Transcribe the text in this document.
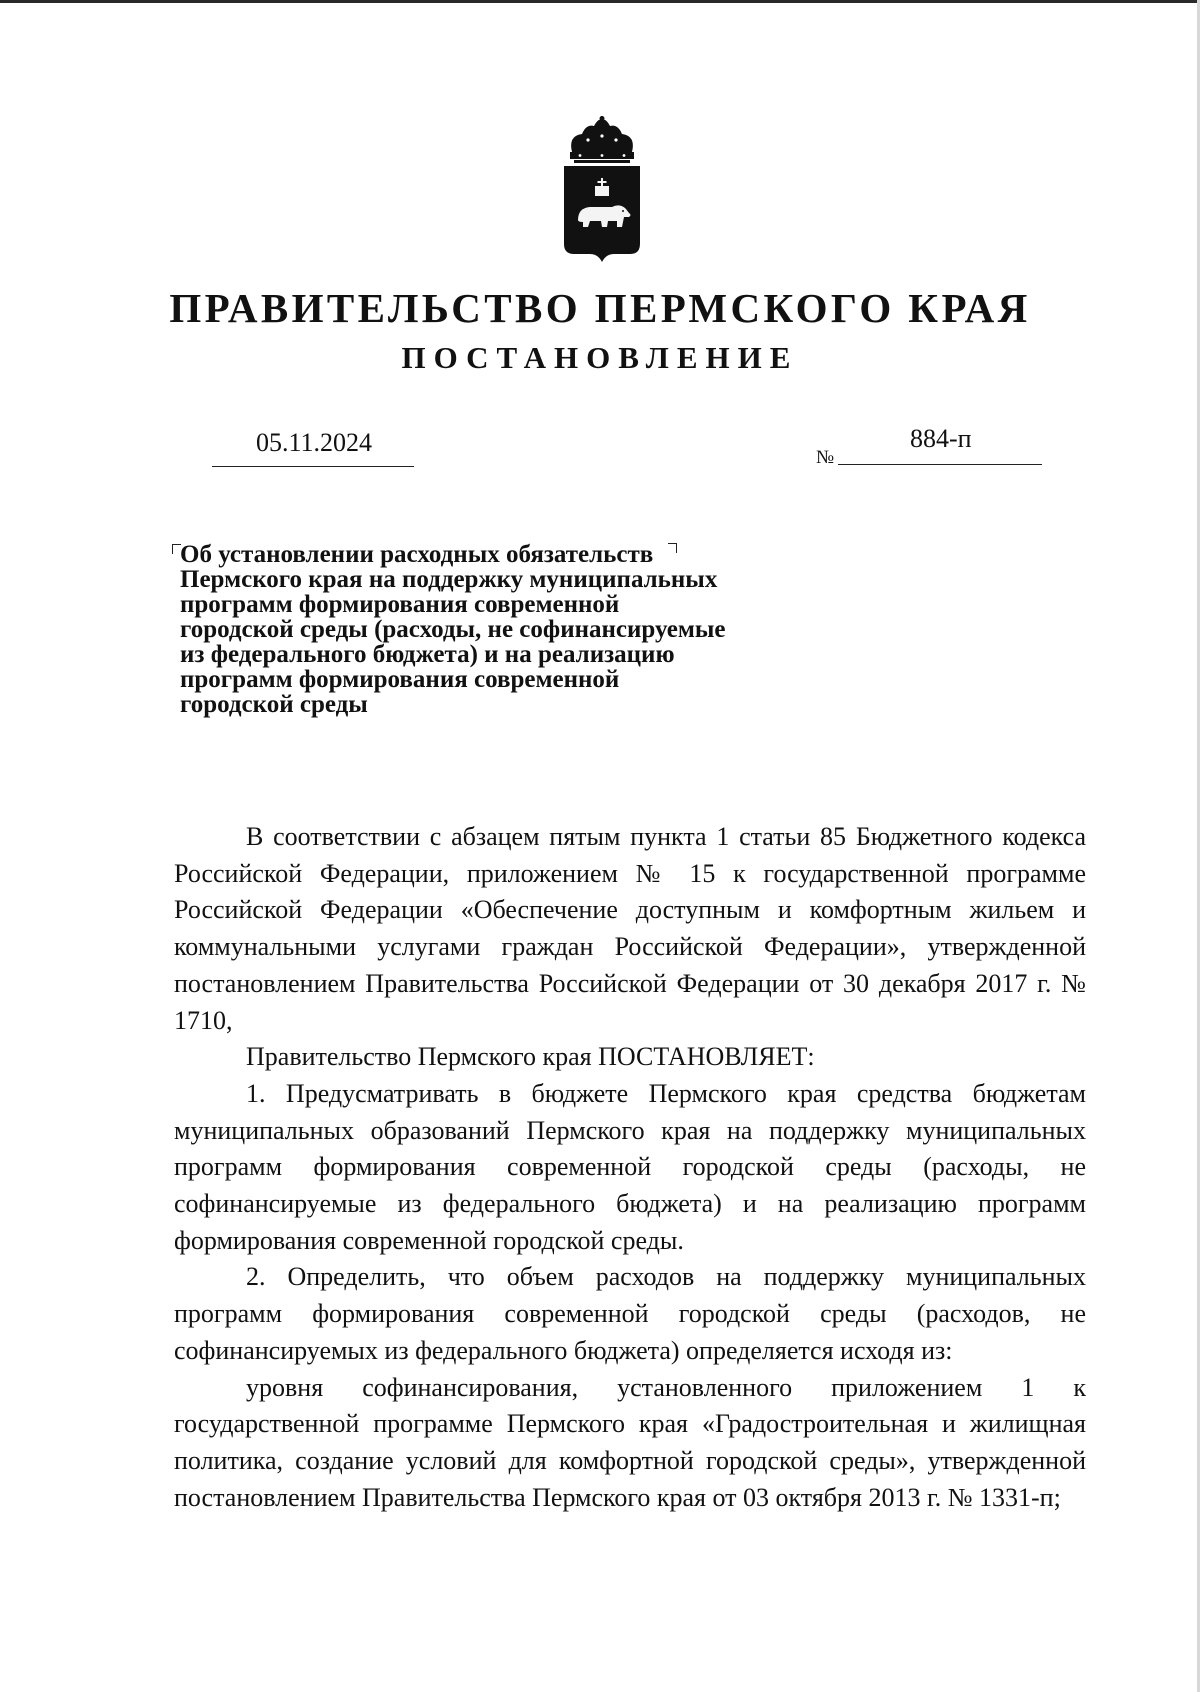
ПРАВИТЕЛЬСТВО ПЕРМСКОГО КРАЯ
ПОСТАНОВЛЕНИЕ
05.11.2024
№
884-п
Об установлении расходных обязательств
Пермского края на поддержку муниципальных
программ формирования современной
городской среды (расходы, не софинансируемые
из федерального бюджета) и на реализацию
программ формирования современной
городской среды

В соответствии с абзацем пятым пункта 1 статьи 85 Бюджетного кодекса Российской Федерации, приложением № 15 к государственной программе Российской Федерации «Обеспечение доступным и комфортным жильем и коммунальными услугами граждан Российской Федерации», утвержденной постановлением Правительства Российской Федерации от 30 декабря 2017 г. № 1710,

Правительство Пермского края ПОСТАНОВЛЯЕТ:

1. Предусматривать в бюджете Пермского края средства бюджетам муниципальных образований Пермского края на поддержку муниципальных программ формирования современной городской среды (расходы, не софинансируемые из федерального бюджета) и на реализацию программ формирования современной городской среды.

2. Определить, что объем расходов на поддержку муниципальных программ формирования современной городской среды (расходов, не софинансируемых из федерального бюджета) определяется исходя из:

уровня софинансирования, установленного приложением 1 к государственной программе Пермского края «Градостроительная и жилищная политика, создание условий для комфортной городской среды», утвержденной постановлением Правительства Пермского края от 03 октября 2013 г. № 1331-п;
